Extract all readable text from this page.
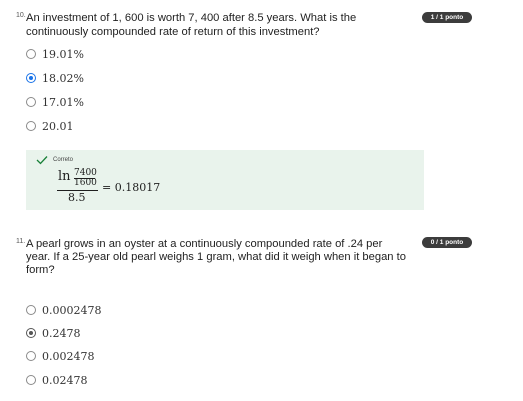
10. An investment of 1, 600 is worth 7, 400 after 8.5 years. What is the
continuously compounded rate of return of this investment?
1 / 1 ponto
19.01%
18.02%
17.01%
20.01
Correto
ln 7400
1600
8.5
= 0.18017
11. A pearl grows in an oyster at a continuously compounded rate of .24 per
year. If a 25-year old pearl weighs 1 gram, what did it weigh when it began to
form?
0 / 1 ponto
0.0002478
0.2478
0.002478
0.02478
